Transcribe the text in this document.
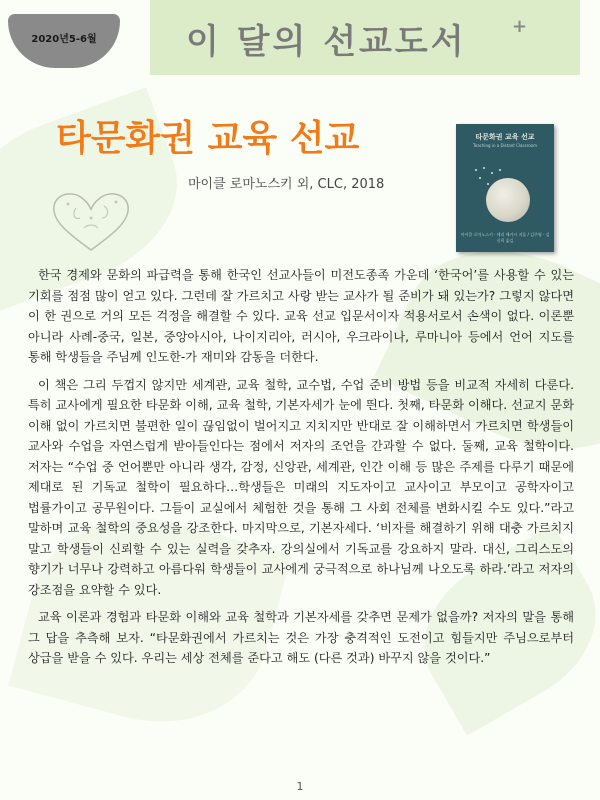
2020년5-6월	이 달의 선교도서	+
타문화권 교육 선교
마이클 로마노스키 외, CLC, 2018
타문화권 교육 선교
Teaching in a Distant Classroom
마이클 로마노스키 · 테리 매카시 지음 / 김주영 · 김신희 옮김

한국 경제와 문화의 파급력을 통해 한국인 선교사들이 미전도종족 가운데 ‘한국어’를 사용할 수 있는 기회를 점점 많이 얻고 있다. 그런데 잘 가르치고 사랑 받는 교사가 될 준비가 돼 있는가? 그렇지 않다면 이 한 권으로 거의 모든 걱정을 해결할 수 있다. 교육 선교 입문서이자 적용서로서 손색이 없다. 이론뿐 아니라 사례-중국, 일본, 중앙아시아, 나이지리아, 러시아, 우크라이나, 루마니아 등에서 언어 지도를 통해 학생들을 주님께 인도한-가 재미와 감동을 더한다.

이 책은 그리 두껍지 않지만 세계관, 교육 철학, 교수법, 수업 준비 방법 등을 비교적 자세히 다룬다. 특히 교사에게 필요한 타문화 이해, 교육 철학, 기본자세가 눈에 띈다. 첫째, 타문화 이해다. 선교지 문화 이해 없이 가르치면 불편한 일이 끊임없이 벌어지고 지치지만 반대로 잘 이해하면서 가르치면 학생들이 교사와 수업을 자연스럽게 받아들인다는 점에서 저자의 조언을 간과할 수 없다. 둘째, 교육 철학이다. 저자는 “수업 중 언어뿐만 아니라 생각, 감정, 신앙관, 세계관, 인간 이해 등 많은 주제를 다루기 때문에 제대로 된 기독교 철학이 필요하다…학생들은 미래의 지도자이고 교사이고 부모이고 공학자이고 법률가이고 공무원이다. 그들이 교실에서 체험한 것을 통해 그 사회 전체를 변화시킬 수도 있다.”라고 말하며 교육 철학의 중요성을 강조한다. 마지막으로, 기본자세다. ‘비자를 해결하기 위해 대충 가르치지 말고 학생들이 신뢰할 수 있는 실력을 갖추자. 강의실에서 기독교를 강요하지 말라. 대신, 그리스도의 향기가 너무나 강력하고 아름다워 학생들이 교사에게 궁극적으로 하나님께 나오도록 하라.’라고 저자의 강조점을 요약할 수 있다.

교육 이론과 경험과 타문화 이해와 교육 철학과 기본자세를 갖추면 문제가 없을까? 저자의 말을 통해 그 답을 추측해 보자. “타문화권에서 가르치는 것은 가장 충격적인 도전이고 힘들지만 주님으로부터 상급을 받을 수 있다. 우리는 세상 전체를 준다고 해도 (다른 것과) 바꾸지 않을 것이다.”

1
